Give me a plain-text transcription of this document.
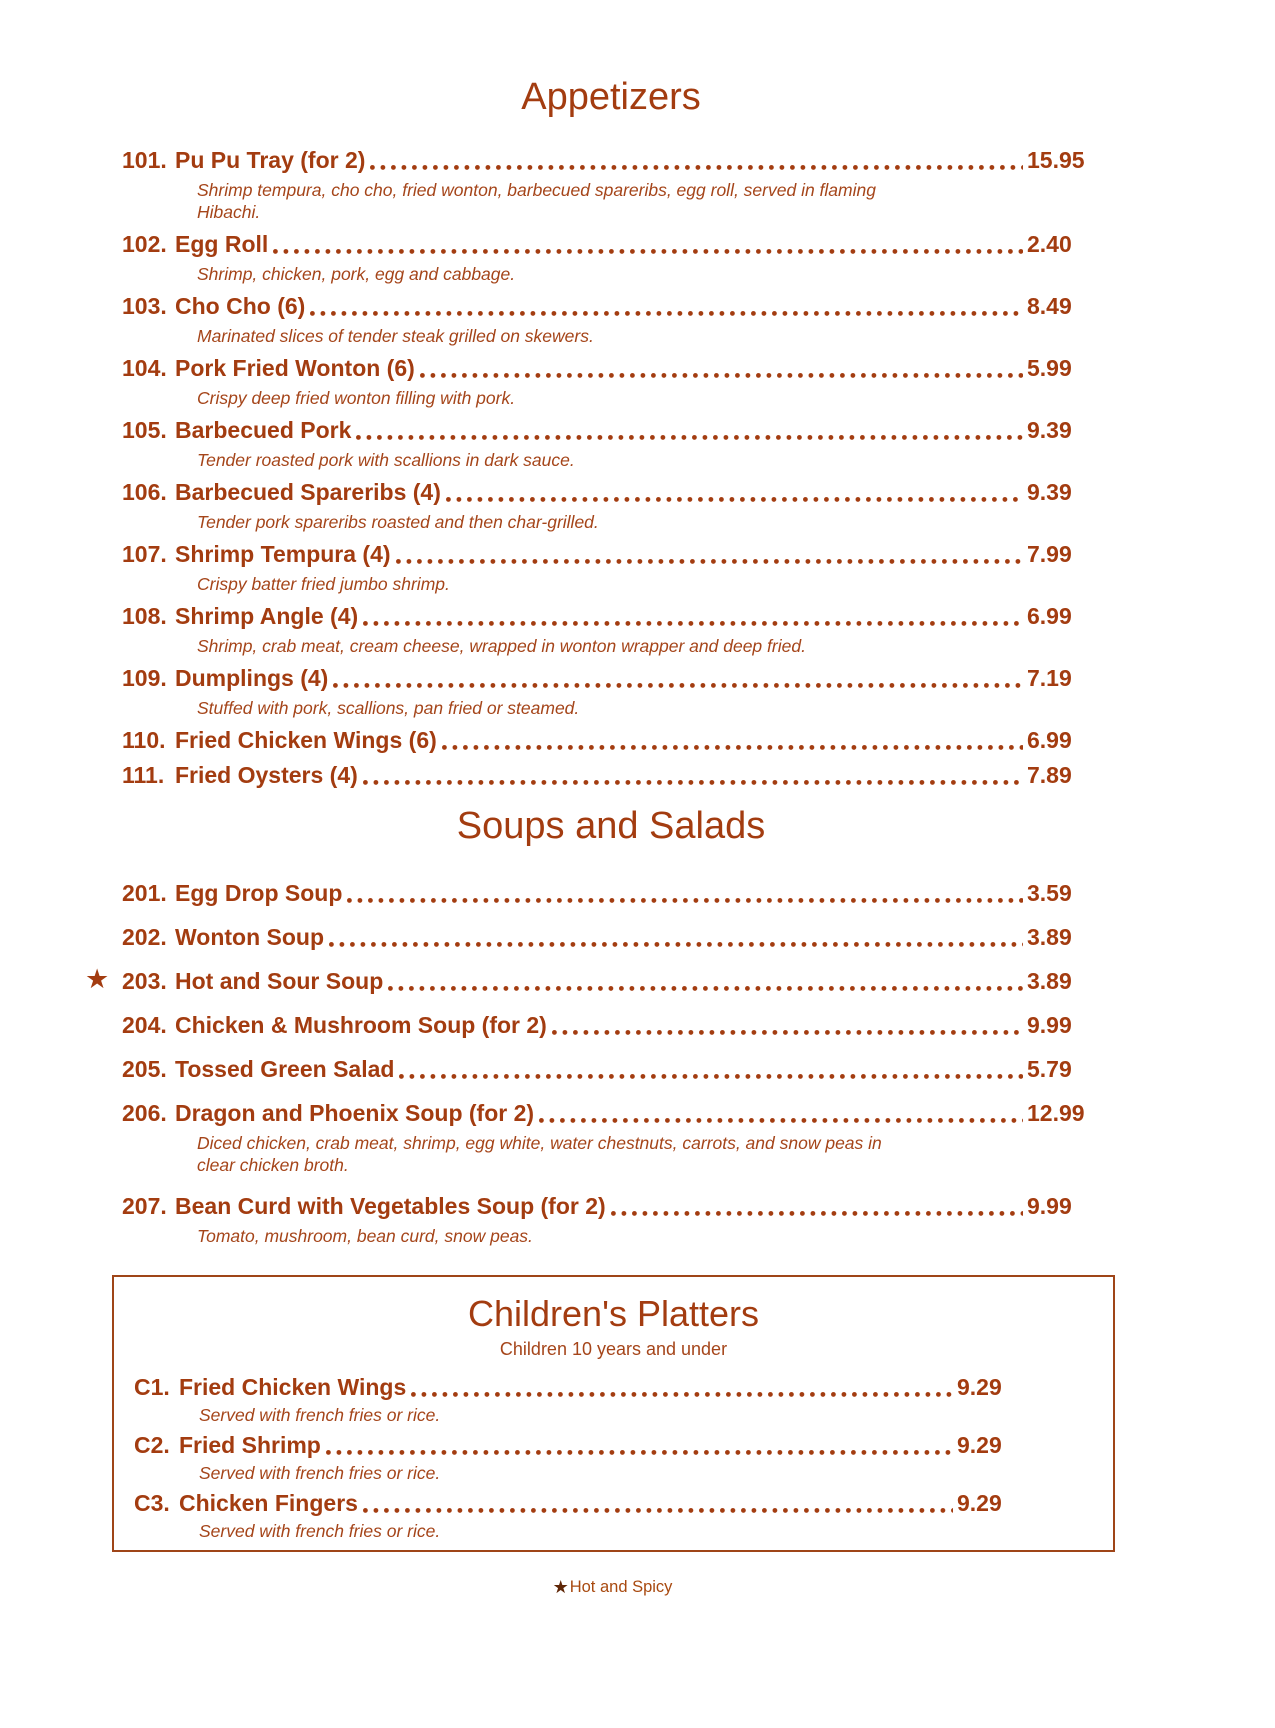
Appetizers
101. Pu Pu Tray (for 2)	15.95
Shrimp tempura, cho cho, fried wonton, barbecued spareribs, egg roll, served in flaming Hibachi.
102. Egg Roll	2.40
Shrimp, chicken, pork, egg and cabbage.
103. Cho Cho (6)	8.49
Marinated slices of tender steak grilled on skewers.
104. Pork Fried Wonton (6)	5.99
Crispy deep fried wonton filling with pork.
105. Barbecued Pork	9.39
Tender roasted pork with scallions in dark sauce.
106. Barbecued Spareribs (4)	9.39
Tender pork spareribs roasted and then char-grilled.
107. Shrimp Tempura (4)	7.99
Crispy batter fried jumbo shrimp.
108. Shrimp Angle (4)	6.99
Shrimp, crab meat, cream cheese, wrapped in wonton wrapper and deep fried.
109. Dumplings (4)	7.19
Stuffed with pork, scallions, pan fried or steamed.
110. Fried Chicken Wings (6)	6.99
111. Fried Oysters (4)	7.89
Soups and Salads
201. Egg Drop Soup	3.59
202. Wonton Soup	3.89
★ 203. Hot and Sour Soup	3.89
204. Chicken & Mushroom Soup (for 2)	9.99
205. Tossed Green Salad	5.79
206. Dragon and Phoenix Soup (for 2)	12.99
Diced chicken, crab meat, shrimp, egg white, water chestnuts, carrots, and snow peas in clear chicken broth.
207. Bean Curd with Vegetables Soup (for 2)	9.99
Tomato, mushroom, bean curd, snow peas.
Children's Platters
Children 10 years and under
C1. Fried Chicken Wings	9.29
Served with french fries or rice.
C2. Fried Shrimp	9.29
Served with french fries or rice.
C3. Chicken Fingers	9.29
Served with french fries or rice.
★Hot and Spicy
